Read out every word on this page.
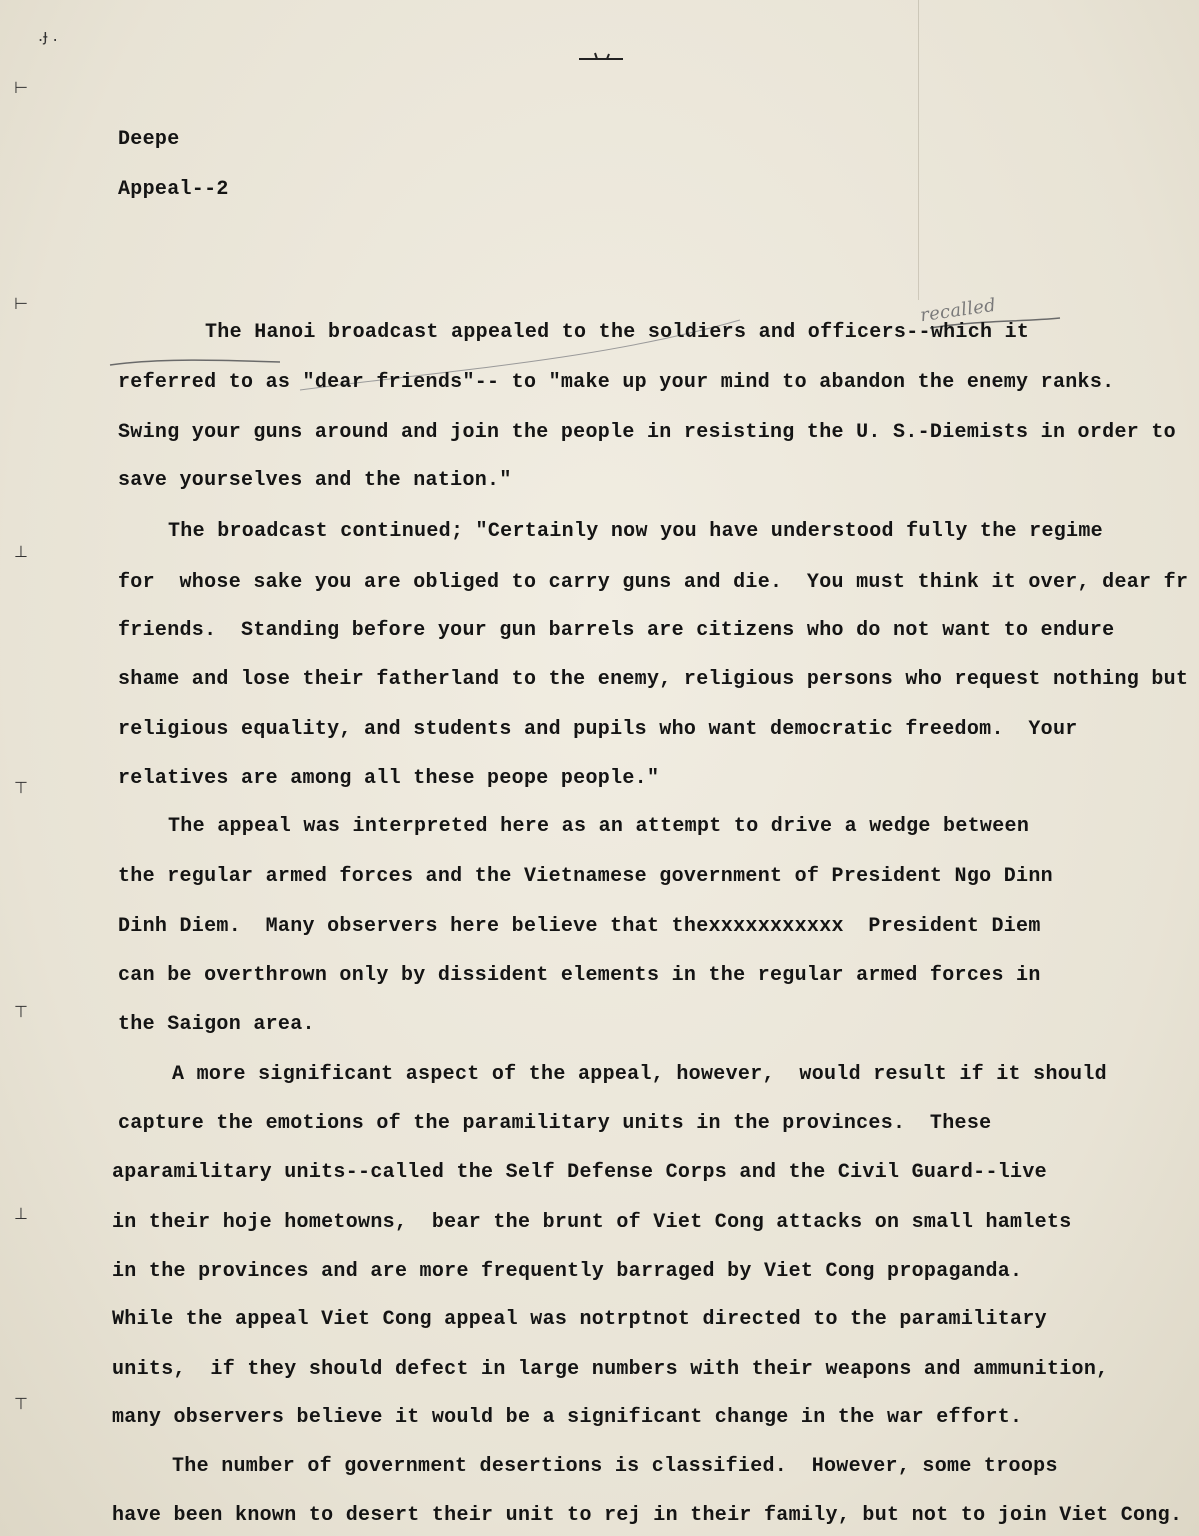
⊢
⊢
⊥
⊤
⊤
⊥
⊤
.ɟ .
Deepe
Appeal--2
recalled
The Hanoi broadcast appealed to the soldiers and officers--which it
referred to as "dear friends"-- to "make up your mind to abandon the enemy ranks.
Swing your guns around and join the people in resisting the U. S.-Diemists in order to
save yourselves and the nation."
The broadcast continued; "Certainly now you have understood fully the regime
for  whose sake you are obliged to carry guns and die.  You must think it over, dear fr
friends.  Standing before your gun barrels are citizens who do not want to endure
shame and lose their fatherland to the enemy, religious persons who request nothing but
religious equality, and students and pupils who want democratic freedom.  Your
relatives are among all these peope people."
The appeal was interpreted here as an attempt to drive a wedge between
the regular armed forces and the Vietnamese government of President Ngo Dinn
Dinh Diem.  Many observers here believe that thexxxxxxxxxxx  President Diem
can be overthrown only by dissident elements in the regular armed forces in
the Saigon area.
A more significant aspect of the appeal, however,  would result if it should
capture the emotions of the paramilitary units in the provinces.  These
aparamilitary units--called the Self Defense Corps and the Civil Guard--live
in their hoje hometowns,  bear the brunt of Viet Cong attacks on small hamlets
in the provinces and are more frequently barraged by Viet Cong propaganda.
While the appeal Viet Cong appeal was notrptnot directed to the paramilitary
units,  if they should defect in large numbers with their weapons and ammunition,
many observers believe it would be a significant change in the war effort.
The number of government desertions is classified.  However, some troops
have been known to desert their unit to rej in their family, but not to join Viet Cong.
